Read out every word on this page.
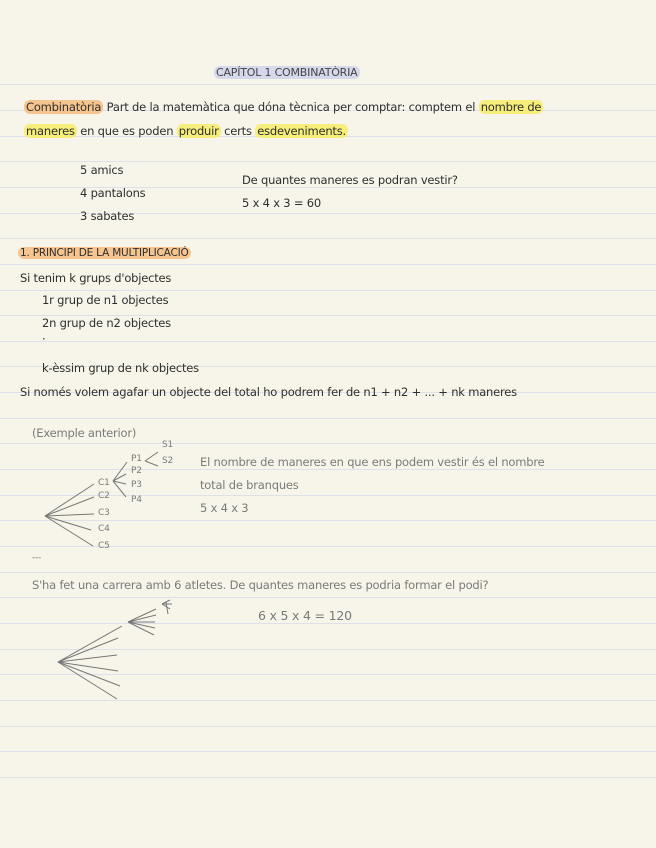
CAPÍTOL 1 COMBINATÒRIA
Combinatòria Part de la matemàtica que dóna tècnica per comptar: comptem el nombre de
maneres en que es poden produir certs esdeveniments.
5 amics
4 pantalons
3 sabates
De quantes maneres es podran vestir?
5 x 4 x 3 = 60
1. PRINCIPI DE LA MULTIPLICACIÓ
Si tenim k grups d'objectes
1r grup de n1 objectes
2n grup de n2 objectes
·
k-èssim grup de nk objectes
Si només volem agafar un objecte del total ho podrem fer de n1 + n2 + ... + nk maneres
(Exemple anterior)
El nombre de maneres en que ens podem vestir és el nombre
total de branques
5 x 4 x 3
C1
C2
C3
C4
C5
P1
P2
P3
P4
S1
S2
---
S'ha fet una carrera amb 6 atletes. De quantes maneres es podria formar el podi?
6 x 5 x 4 = 120
